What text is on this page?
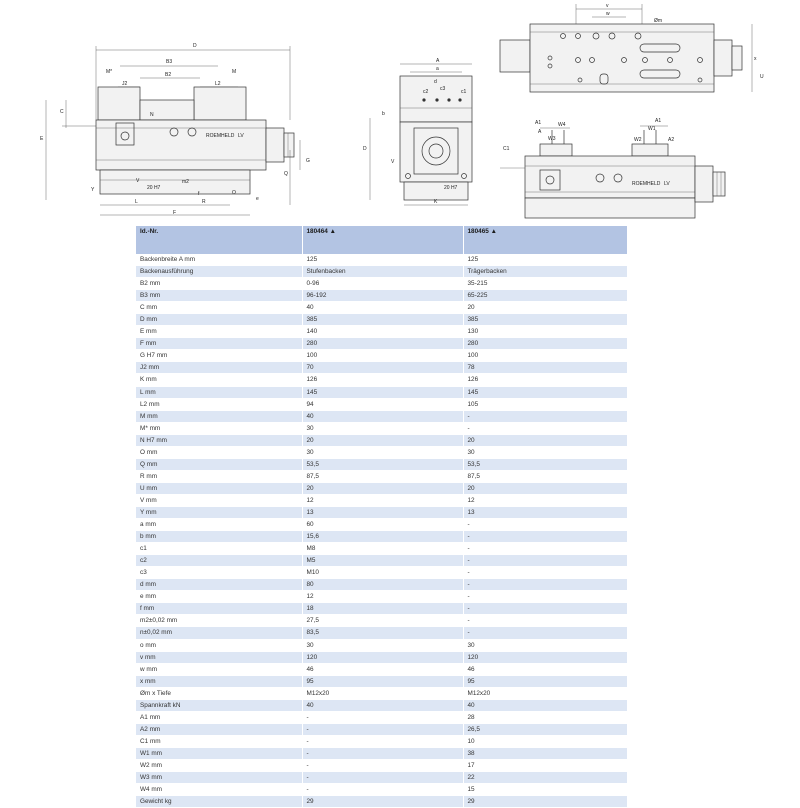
D
B3
M*	M
B2
J2	L2
N
ROEMHELD LV
E
C
Y
V
20 H7
m2
G
Q
L	R
F
e
f	O
A
a
c2 c3	c1
d
b
20 H7
V
D
K
v
w
Øm
x
U
A1	W4
A
W3
A1
W1
W2	A2
C1
ROEMHELD LV
Id.-Nr.	180464 ▲	180465 ▲
Backenbreite A mm	125	125
Backenausführung	Stufenbacken	Trägerbacken
B2 mm	0-96	35-215
B3 mm	96-192	65-225
C mm	40	20
D mm	385	385
E mm	140	130
F mm	280	280
G H7 mm	100	100
J2 mm	70	78
K mm	126	126
L mm	145	145
L2 mm	94	105
M mm	40	-
M* mm	30	-
N H7 mm	20	20
O mm	30	30
Q mm	53,5	53,5
R mm	87,5	87,5
U mm	20	20
V mm	12	12
Y mm	13	13
a mm	60	-
b mm	15,6	-
c1	M8	-
c2	M5	-
c3	M10	-
d mm	80	-
e mm	12	-
f mm	18	-
m2±0,02 mm	27,5	-
n±0,02 mm	83,5	-
o mm	30	30
v mm	120	120
w mm	46	46
x mm	95	95
Øm x Tiefe	M12x20	M12x20
Spannkraft kN	40	40
A1 mm	-	28
A2 mm	-	26,5
C1 mm	-	10
W1 mm	-	38
W2 mm	-	17
W3 mm	-	22
W4 mm	-	15
Gewicht kg	29	29
